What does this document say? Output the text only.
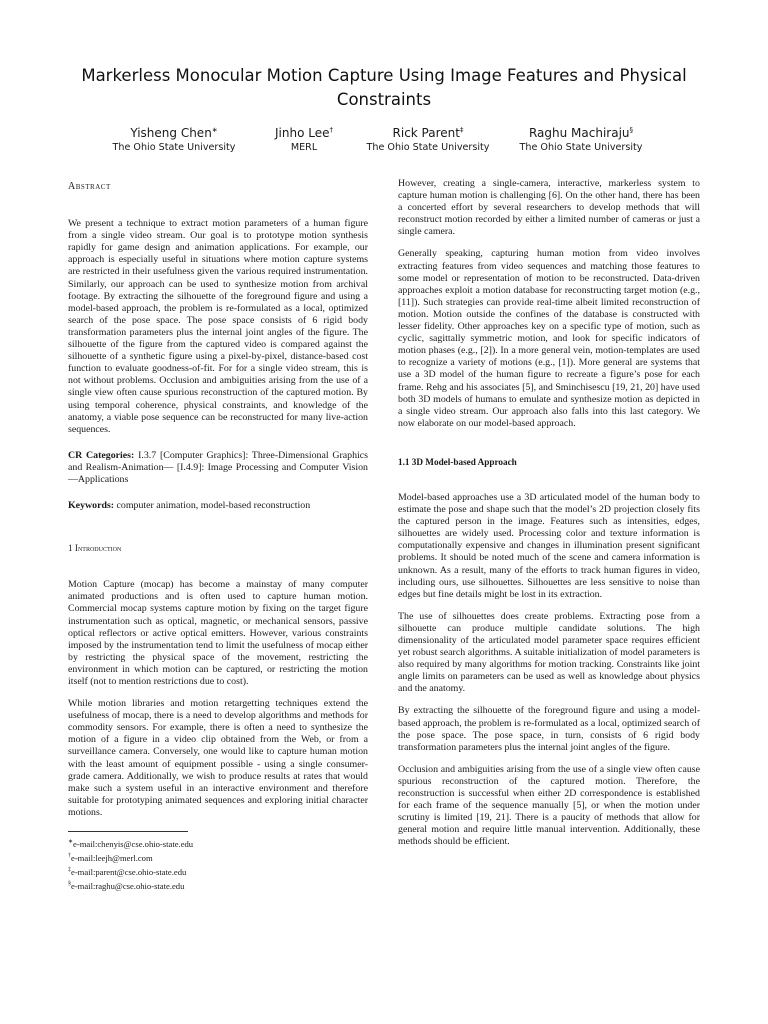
Markerless Monocular Motion Capture Using Image Features and Physical Constraints
Yisheng Chen∗
The Ohio State University
Jinho Lee†
MERL
Rick Parent‡
The Ohio State University
Raghu Machiraju§
The Ohio State University
Abstract

We present a technique to extract motion parameters of a human figure from a single video stream. Our goal is to prototype motion synthesis rapidly for game design and animation applications. For example, our approach is especially useful in situations where motion capture systems are restricted in their usefulness given the various required instrumentation. Similarly, our approach can be used to synthesize motion from archival footage. By extracting the silhouette of the foreground figure and using a model-based approach, the problem is re-formulated as a local, optimized search of the pose space. The pose space consists of 6 rigid body transformation parameters plus the internal joint angles of the figure. The silhouette of the figure from the captured video is compared against the silhouette of a synthetic figure using a pixel-by-pixel, distance-based cost function to evaluate goodness-of-fit. For for a single video stream, this is not without problems. Occlusion and ambiguities arising from the use of a single view often cause spurious reconstruction of the captured motion. By using temporal coherence, physical constraints, and knowledge of the anatomy, a viable pose sequence can be reconstructed for many live-action sequences.

CR Categories: I.3.7 [Computer Graphics]: Three-Dimensional Graphics and Realism-Animation— [I.4.9]: Image Processing and Computer Vision—Applications

Keywords: computer animation, model-based reconstruction

1 Introduction

Motion Capture (mocap) has become a mainstay of many computer animated productions and is often used to capture human motion. Commercial mocap systems capture motion by fixing on the target figure instrumentation such as optical, magnetic, or mechanical sensors, passive optical reflectors or active optical emitters. However, various constraints imposed by the instrumentation tend to limit the usefulness of mocap either by restricting the physical space of the movement, restricting the environment in which motion can be captured, or restricting the motion itself (not to mention restrictions due to cost).

While motion libraries and motion retargetting techniques extend the usefulness of mocap, there is a need to develop algorithms and methods for commodity sensors. For example, there is often a need to synthesize the motion of a figure in a video clip obtained from the Web, or from a surveillance camera. Conversely, one would like to capture human motion with the least amount of equipment possible - using a single consumer-grade camera. Additionally, we wish to produce results at rates that would make such a system useful in an interactive environment and therefore suitable for prototyping animated sequences and exploring initial character motions.

∗e-mail:chenyis@cse.ohio-state.edu
†e-mail:leejh@merl.com
‡e-mail:parent@cse.ohio-state.edu
§e-mail:raghu@cse.ohio-state.edu

However, creating a single-camera, interactive, markerless system to capture human motion is challenging [6]. On the other hand, there has been a concerted effort by several researchers to develop methods that will reconstruct motion recorded by either a limited number of cameras or just a single camera.

Generally speaking, capturing human motion from video involves extracting features from video sequences and matching those features to some model or representation of motion to be reconstructed. Data-driven approaches exploit a motion database for reconstructing target motion (e.g., [11]). Such strategies can provide real-time albeit limited reconstruction of motion. Motion outside the confines of the database is constructed with lesser fidelity. Other approaches key on a specific type of motion, such as cyclic, sagittally symmetric motion, and look for specific indicators of motion phases (e.g., [2]). In a more general vein, motion-templates are used to recognize a variety of motions (e.g., [1]). More general are systems that use a 3D model of the human figure to recreate a figure’s pose for each frame. Rehg and his associates [5], and Sminchisescu [19, 21, 20] have used both 3D models of humans to emulate and synthesize motion as depicted in a single video stream. Our approach also falls into this last category. We now elaborate on our model-based approach.

1.1 3D Model-based Approach

Model-based approaches use a 3D articulated model of the human body to estimate the pose and shape such that the model’s 2D projection closely fits the captured person in the image. Features such as intensities, edges, silhouettes are widely used. Processing color and texture information is computationally expensive and changes in illumination present significant problems. It should be noted much of the scene and camera information is unknown. As a result, many of the efforts to track human figures in video, including ours, use silhouettes. Silhouettes are less sensitive to noise than edges but fine details might be lost in its extraction.

The use of silhouettes does create problems. Extracting pose from a silhouette can produce multiple candidate solutions. The high dimensionality of the articulated model parameter space requires efficient yet robust search algorithms. A suitable initialization of model parameters is also required by many algorithms for motion tracking. Constraints like joint angle limits on parameters can be used as well as knowledge about physics and the anatomy.

By extracting the silhouette of the foreground figure and using a model-based approach, the problem is re-formulated as a local, optimized search of the pose space. The pose space, in turn, consists of 6 rigid body transformation parameters plus the internal joint angles of the figure.

Occlusion and ambiguities arising from the use of a single view often cause spurious reconstruction of the captured motion. Therefore, the reconstruction is successful when either 2D correspondence is established for each frame of the sequence manually [5], or when the motion under scrutiny is limited [19, 21]. There is a paucity of methods that allow for general motion and require little manual intervention. Additionally, these methods should be efficient.
